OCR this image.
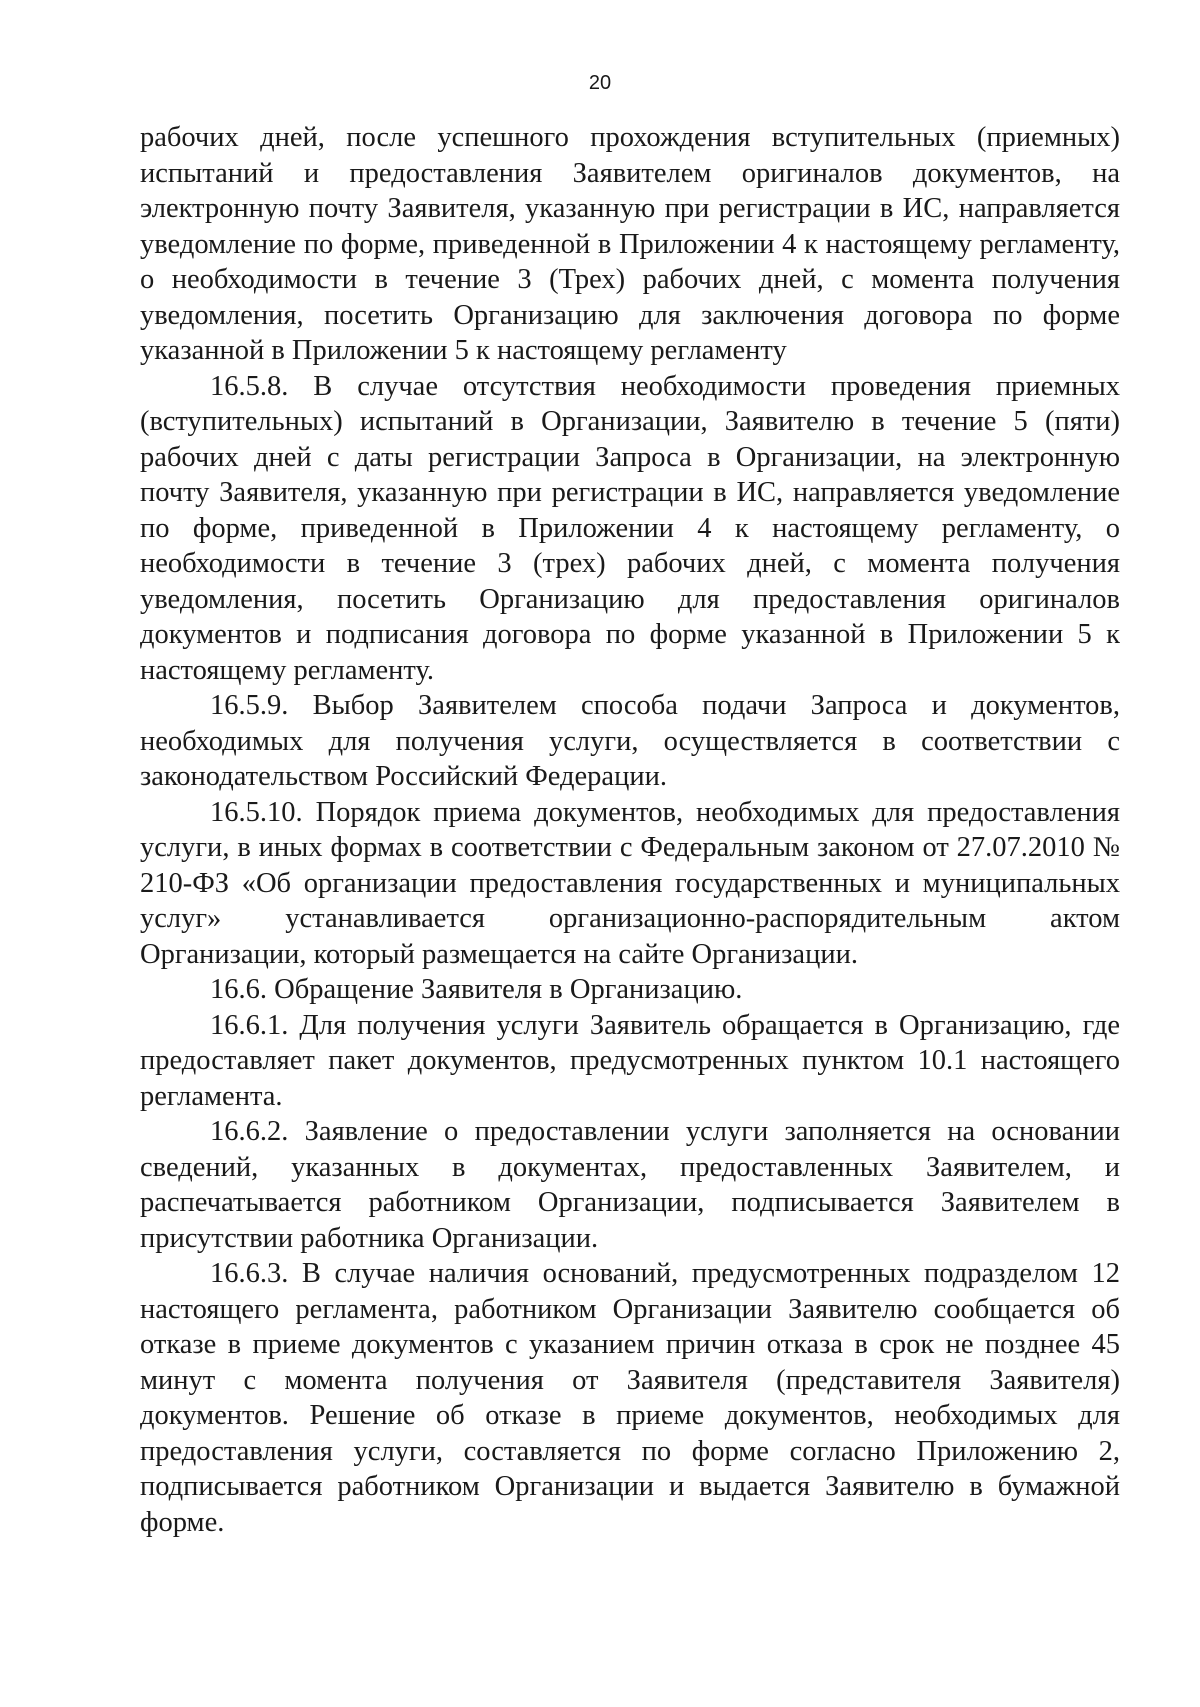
20

рабочих дней, после успешного прохождения вступительных (приемных) испытаний и предоставления Заявителем оригиналов документов, на электронную почту Заявителя, указанную при регистрации в ИС, направляется уведомление по форме, приведенной в Приложении 4 к настоящему регламенту, о необходимости в течение 3 (Трех) рабочих дней, с момента получения уведомления, посетить Организацию для заключения договора по форме указанной в Приложении 5 к настоящему регламенту

16.5.8. В случае отсутствия необходимости проведения приемных (вступительных) испытаний в Организации, Заявителю в течение 5 (пяти) рабочих дней с даты регистрации Запроса в Организации, на электронную почту Заявителя, указанную при регистрации в ИС, направляется уведомление по форме, приведенной в Приложении 4 к настоящему регламенту, о необходимости в течение 3 (трех) рабочих дней, с момента получения уведомления, посетить Организацию для предоставления оригиналов документов и подписания договора по форме указанной в Приложении 5 к настоящему регламенту.

16.5.9. Выбор Заявителем способа подачи Запроса и документов, необходимых для получения услуги, осуществляется в соответствии с законодательством Российский Федерации.

16.5.10. Порядок приема документов, необходимых для предоставления услуги, в иных формах в соответствии с Федеральным законом от 27.07.2010 № 210-ФЗ «Об организации предоставления государственных и муниципальных услуг» устанавливается организационно-распорядительным актом Организации, который размещается на сайте Организации.

16.6. Обращение Заявителя в Организацию.

16.6.1. Для получения услуги Заявитель обращается в Организацию, где предоставляет пакет документов, предусмотренных пунктом 10.1 настоящего регламента.

16.6.2. Заявление о предоставлении услуги заполняется на основании сведений, указанных в документах, предоставленных Заявителем, и распечатывается работником Организации, подписывается Заявителем в присутствии работника Организации.

16.6.3. В случае наличия оснований, предусмотренных подразделом 12 настоящего регламента, работником Организации Заявителю сообщается об отказе в приеме документов с указанием причин отказа в срок не позднее 45 минут с момента получения от Заявителя (представителя Заявителя) документов. Решение об отказе в приеме документов, необходимых для предоставления услуги, составляется по форме согласно Приложению 2, подписывается работником Организации и выдается Заявителю в бумажной форме.
